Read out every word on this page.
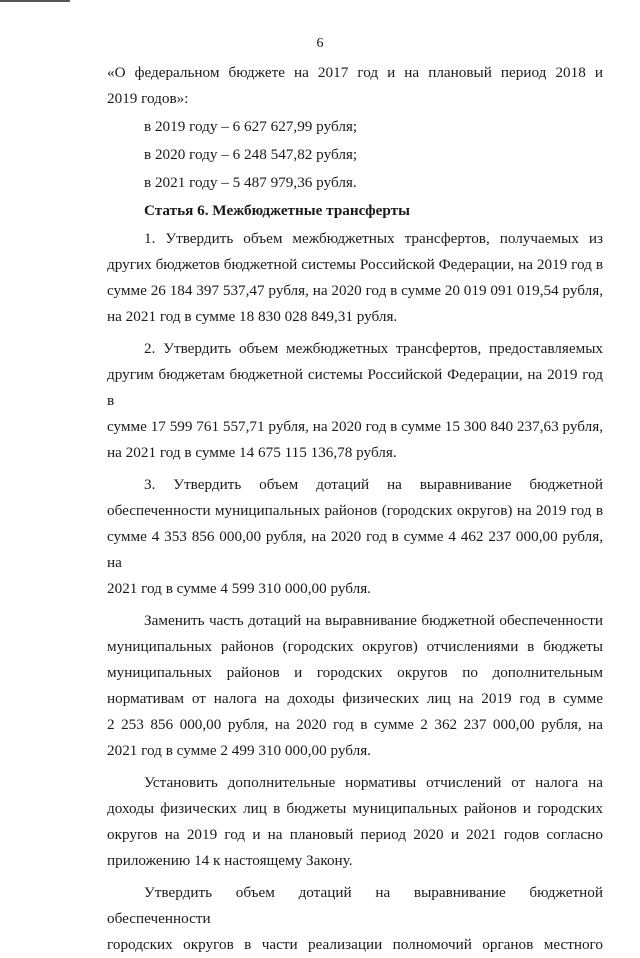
6

«О федеральном бюджете на 2017 год и на плановый период 2018 и

2019 годов»:

в 2019 году – 6 627 627,99 рубля;

в 2020 году – 6 248 547,82 рубля;

в 2021 году – 5 487 979,36 рубля.

Статья 6. Межбюджетные трансферты

1. Утвердить объем межбюджетных трансфертов, получаемых из

других бюджетов бюджетной системы Российской Федерации, на 2019 год в

сумме 26 184 397 537,47 рубля, на 2020 год в сумме 20 019 091 019,54 рубля,

на 2021 год в сумме 18 830 028 849,31 рубля.

2. Утвердить объем межбюджетных трансфертов, предоставляемых

другим бюджетам бюджетной системы Российской Федерации, на 2019 год в

сумме 17 599 761 557,71 рубля, на 2020 год в сумме 15 300 840 237,63 рубля,

на 2021 год в сумме 14 675 115 136,78 рубля.

3. Утвердить объем дотаций на выравнивание бюджетной

обеспеченности муниципальных районов (городских округов) на 2019 год в

сумме 4 353 856 000,00 рубля, на 2020 год в сумме 4 462 237 000,00 рубля, на

2021 год в сумме 4 599 310 000,00 рубля.

Заменить часть дотаций на выравнивание бюджетной обеспеченности

муниципальных районов (городских округов) отчислениями в бюджеты

муниципальных районов и городских округов по дополнительным

нормативам от налога на доходы физических лиц на 2019 год в сумме

2 253 856 000,00 рубля, на 2020 год в сумме 2 362 237 000,00 рубля, на

2021 год в сумме 2 499 310 000,00 рубля.

Установить дополнительные нормативы отчислений от налога на

доходы физических лиц в бюджеты муниципальных районов и городских

округов на 2019 год и на плановый период 2020 и 2021 годов согласно

приложению 14 к настоящему Закону.

Утвердить объем дотаций на выравнивание бюджетной обеспеченности

городских округов в части реализации полномочий органов местного
